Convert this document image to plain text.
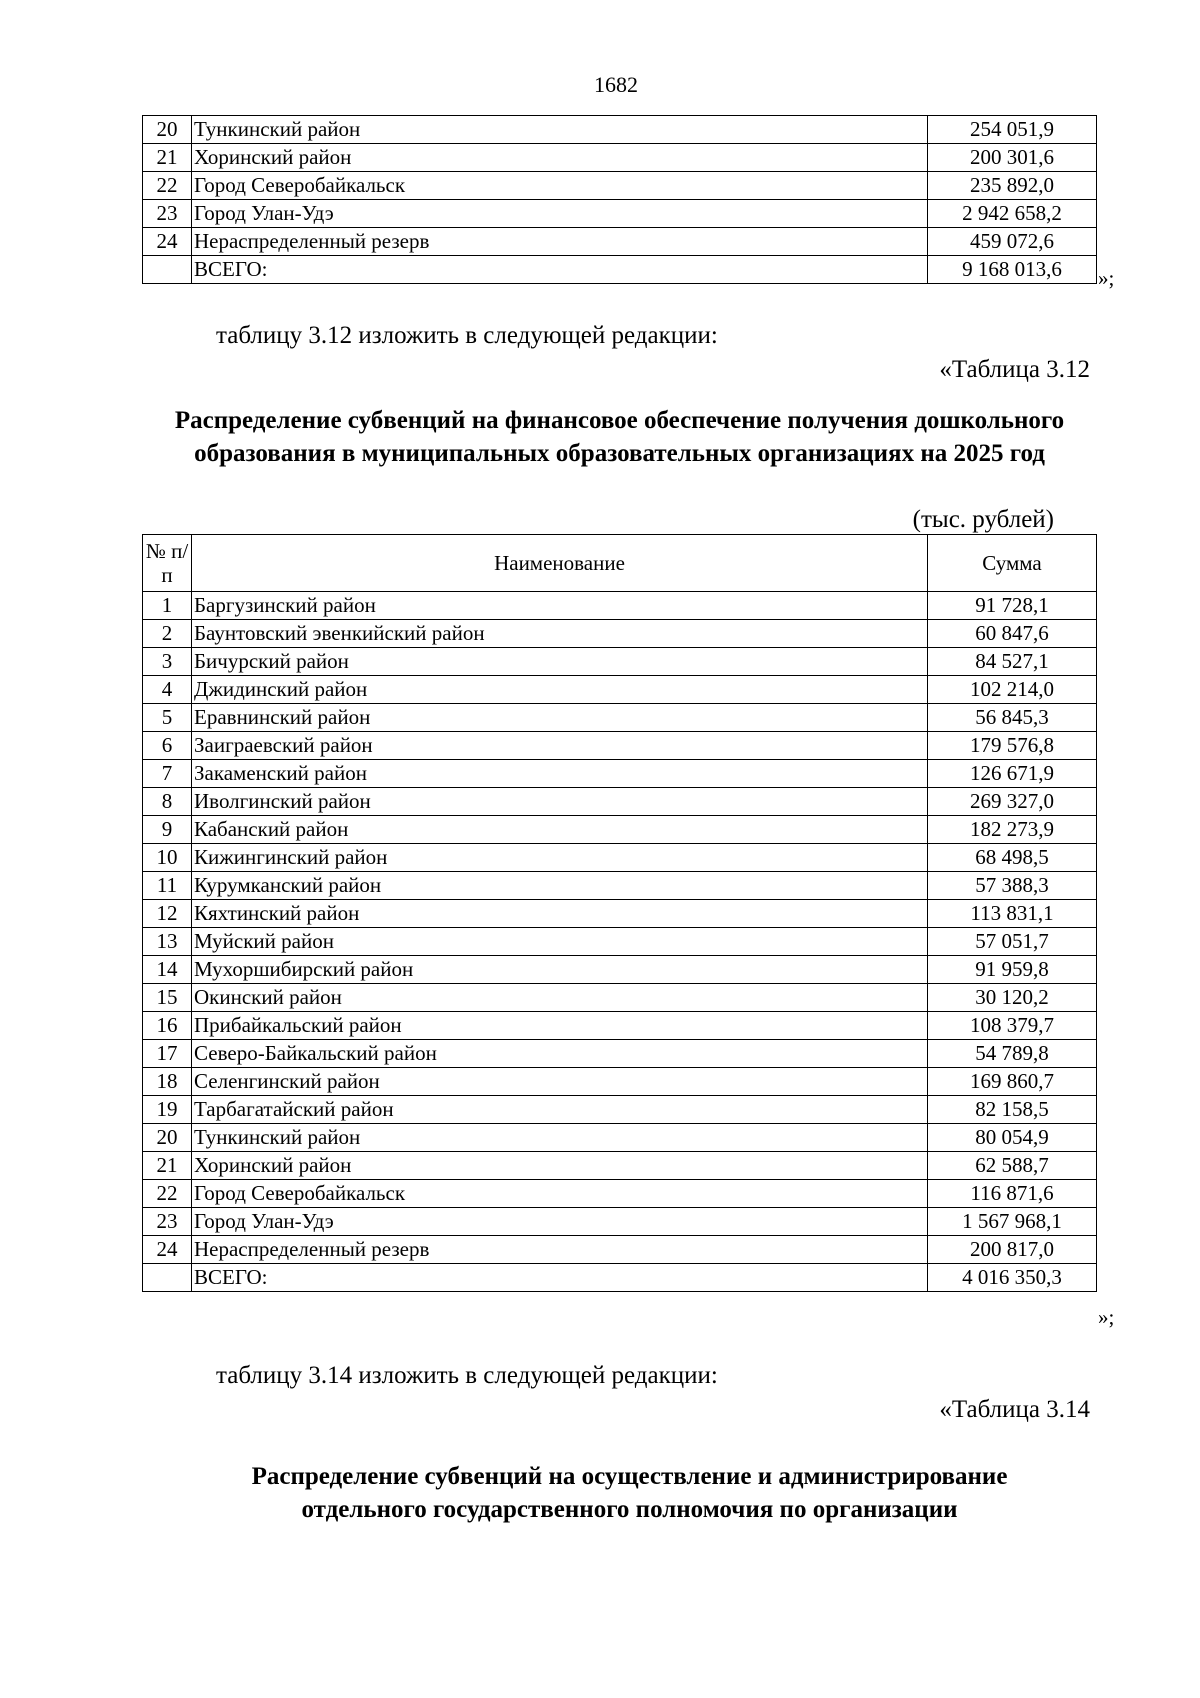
1682
20	Тункинский район	254 051,9
21	Хоринский район	200 301,6
22	Город Северобайкальск	235 892,0
23	Город Улан-Удэ	2 942 658,2
24	Нераспределенный резерв	459 072,6
	ВСЕГО:	9 168 013,6 »;
таблицу 3.12 изложить в следующей редакции:
«Таблица 3.12
Распределение субвенций на финансовое обеспечение получения дошкольного образования в муниципальных образовательных организациях на 2025 год
(тыс. рублей)
№ п/п	Наименование	Сумма
1	Баргузинский район	91 728,1
2	Баунтовский эвенкийский район	60 847,6
3	Бичурский район	84 527,1
4	Джидинский район	102 214,0
5	Еравнинский район	56 845,3
6	Заиграевский район	179 576,8
7	Закаменский район	126 671,9
8	Иволгинский район	269 327,0
9	Кабанский район	182 273,9
10	Кижингинский район	68 498,5
11	Курумканский район	57 388,3
12	Кяхтинский район	113 831,1
13	Муйский район	57 051,7
14	Мухоршибирский район	91 959,8
15	Окинский район	30 120,2
16	Прибайкальский район	108 379,7
17	Северо-Байкальский район	54 789,8
18	Селенгинский район	169 860,7
19	Тарбагатайский район	82 158,5
20	Тункинский район	80 054,9
21	Хоринский район	62 588,7
22	Город Северобайкальск	116 871,6
23	Город Улан-Удэ	1 567 968,1
24	Нераспределенный резерв	200 817,0
	ВСЕГО:	4 016 350,3
»;
таблицу 3.14 изложить в следующей редакции:
«Таблица 3.14
Распределение субвенций на осуществление и администрирование
отдельного государственного полномочия по организации
